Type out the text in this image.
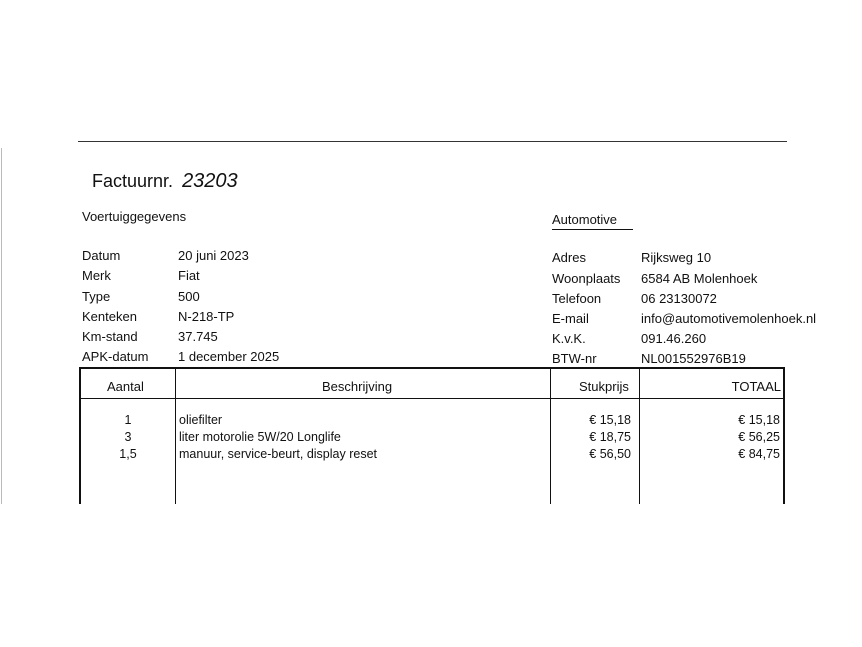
Factuurnr. 23203
Voertuiggegevens	Automotive
Datum	20 juni 2023
Merk	Fiat
Type	500
Kenteken	N-218-TP
Km-stand	37.745
APK-datum 1 december 2025
Adres	Rijksweg 10
Woonplaats 6584 AB Molenhoek
Telefoon	06 23130072
E-mail	info@automotivemolenhoek.nl
K.v.K.	091.46.260
BTW-nr	NL001552976B19
Aantal	Beschrijving	Stukprijs	TOTAAL
1	oliefilter	€ 15,18	€ 15,18
3	liter motorolie 5W/20 Longlife	€ 18,75	€ 56,25
1,5	manuur, service-beurt, display reset	€ 56,50	€ 84,75
